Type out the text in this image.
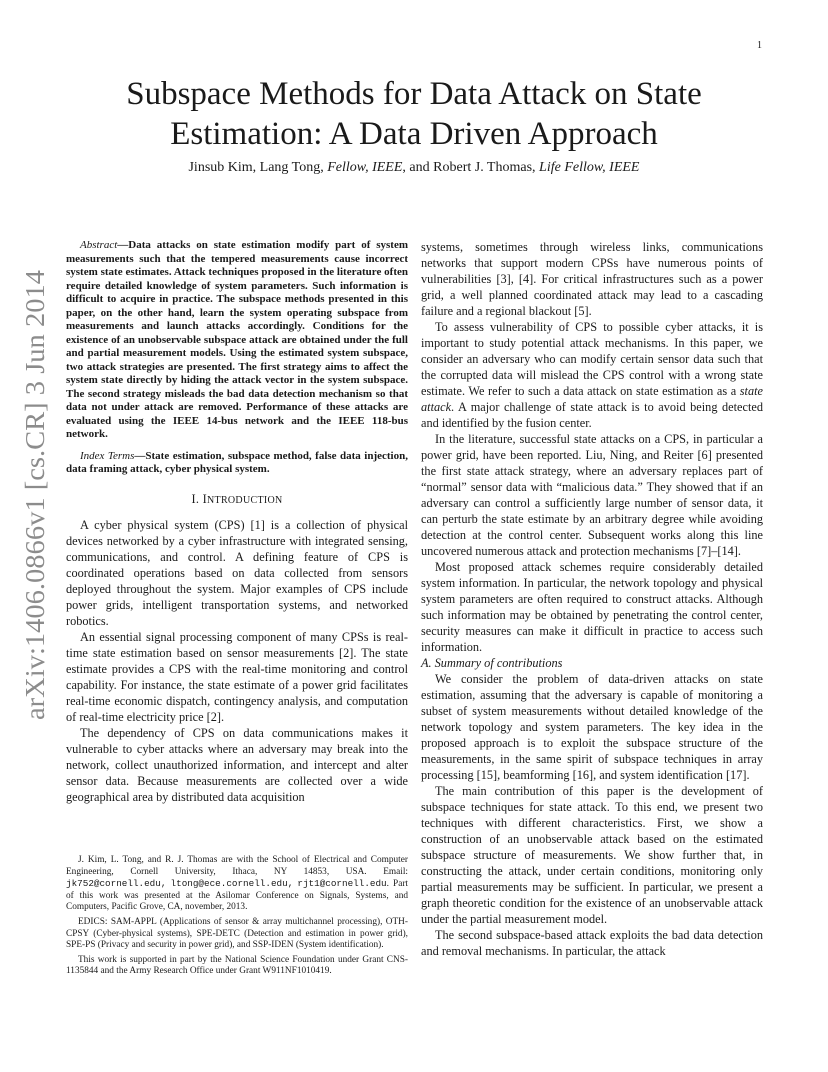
1
arXiv:1406.0866v1 [cs.CR] 3 Jun 2014
Subspace Methods for Data Attack on State
Estimation: A Data Driven Approach
Jinsub Kim, Lang Tong, Fellow, IEEE, and Robert J. Thomas, Life Fellow, IEEE
Abstract—Data attacks on state estimation modify part of system measurements such that the tempered measurements cause incorrect system state estimates. Attack techniques proposed in the literature often require detailed knowledge of system parameters. Such information is difficult to acquire in practice. The subspace methods presented in this paper, on the other hand, learn the system operating subspace from measurements and launch attacks accordingly. Conditions for the existence of an unobservable subspace attack are obtained under the full and partial measurement models. Using the estimated system subspace, two attack strategies are presented. The first strategy aims to affect the system state directly by hiding the attack vector in the system subspace. The second strategy misleads the bad data detection mechanism so that data not under attack are removed. Performance of these attacks are evaluated using the IEEE 14-bus network and the IEEE 118-bus network.
Index Terms—State estimation, subspace method, false data injection, data framing attack, cyber physical system.
I. INTRODUCTION

A cyber physical system (CPS) [1] is a collection of physical devices networked by a cyber infrastructure with integrated sensing, communications, and control. A defining feature of CPS is coordinated operations based on data collected from sensors deployed throughout the system. Major examples of CPS include power grids, intelligent transportation systems, and networked robotics.

An essential signal processing component of many CPSs is real-time state estimation based on sensor measurements [2]. The state estimate provides a CPS with the real-time monitoring and control capability. For instance, the state estimate of a power grid facilitates real-time economic dispatch, contingency analysis, and computation of real-time electricity price [2].

The dependency of CPS on data communications makes it vulnerable to cyber attacks where an adversary may break into the network, collect unauthorized information, and intercept and alter sensor data. Because measurements are collected over a wide geographical area by distributed data acquisition

J. Kim, L. Tong, and R. J. Thomas are with the School of Electrical and Computer Engineering, Cornell University, Ithaca, NY 14853, USA. Email: jk752@cornell.edu, ltong@ece.cornell.edu, rjt1@cornell.edu. Part of this work was presented at the Asilomar Conference on Signals, Systems, and Computers, Pacific Grove, CA, november, 2013.

EDICS: SAM-APPL (Applications of sensor & array multichannel processing), OTH-CPSY (Cyber-physical systems), SPE-DETC (Detection and estimation in power grid), SPE-PS (Privacy and security in power grid), and SSP-IDEN (System identification).

This work is supported in part by the National Science Foundation under Grant CNS-1135844 and the Army Research Office under Grant W911NF1010419.

systems, sometimes through wireless links, communications networks that support modern CPSs have numerous points of vulnerabilities [3], [4]. For critical infrastructures such as a power grid, a well planned coordinated attack may lead to a cascading failure and a regional blackout [5].

To assess vulnerability of CPS to possible cyber attacks, it is important to study potential attack mechanisms. In this paper, we consider an adversary who can modify certain sensor data such that the corrupted data will mislead the CPS control with a wrong state estimate. We refer to such a data attack on state estimation as a state attack. A major challenge of state attack is to avoid being detected and identified by the fusion center.

In the literature, successful state attacks on a CPS, in particular a power grid, have been reported. Liu, Ning, and Reiter [6] presented the first state attack strategy, where an adversary replaces part of “normal” sensor data with “malicious data.” They showed that if an adversary can control a sufficiently large number of sensor data, it can perturb the state estimate by an arbitrary degree while avoiding detection at the control center. Subsequent works along this line uncovered numerous attack and protection mechanisms [7]–[14].

Most proposed attack schemes require considerably detailed system information. In particular, the network topology and physical system parameters are often required to construct attacks. Although such information may be obtained by penetrating the control center, security measures can make it difficult in practice to access such information.

A. Summary of contributions

We consider the problem of data-driven attacks on state estimation, assuming that the adversary is capable of monitoring a subset of system measurements without detailed knowledge of the network topology and system parameters. The key idea in the proposed approach is to exploit the subspace structure of the measurements, in the same spirit of subspace techniques in array processing [15], beamforming [16], and system identification [17].

The main contribution of this paper is the development of subspace techniques for state attack. To this end, we present two techniques with different characteristics. First, we show a construction of an unobservable attack based on the estimated subspace structure of measurements. We show further that, in constructing the attack, under certain conditions, monitoring only partial measurements may be sufficient. In particular, we present a graph theoretic condition for the existence of an unobservable attack under the partial measurement model.

The second subspace-based attack exploits the bad data detection and removal mechanisms. In particular, the attack
